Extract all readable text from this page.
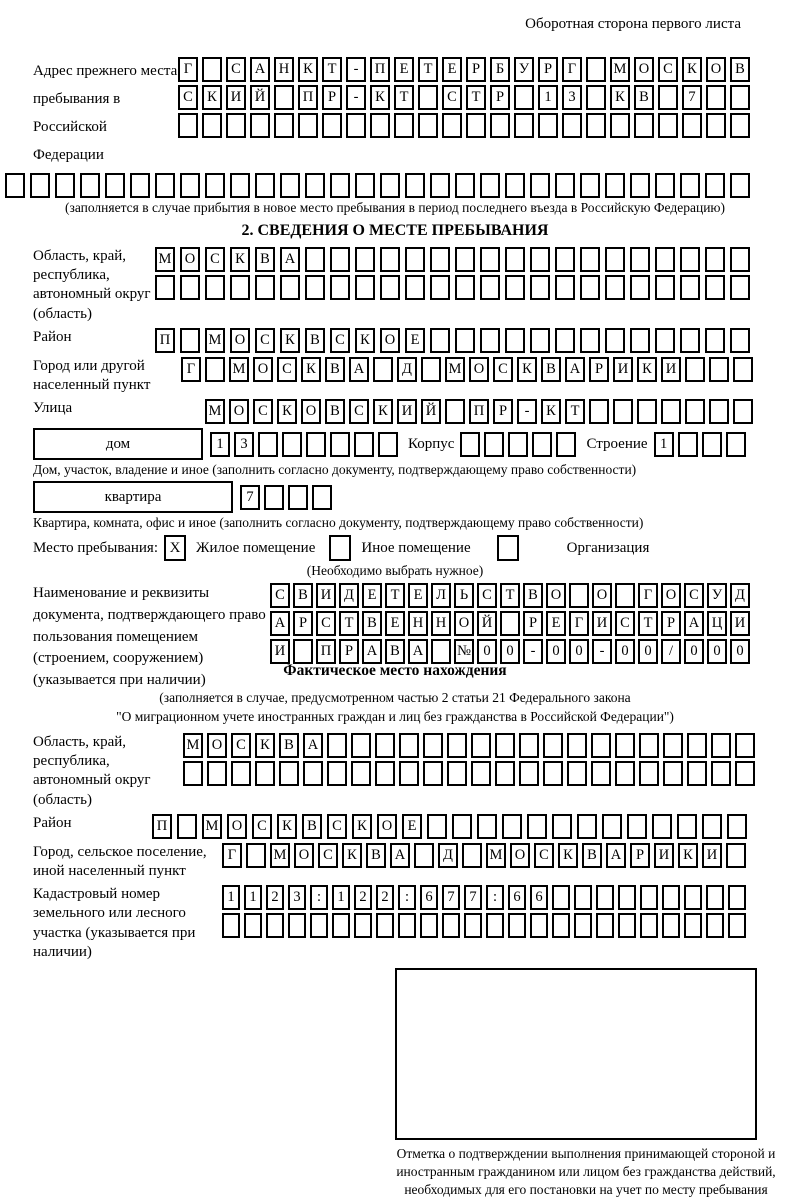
Оборотная сторона первого листа
Адрес прежнего места пребывания в Российской Федерации
Г	С А Н К	Т	-	П Е	Т	Е	Р	Б	У	Р	Г	М О С К О В
С К И Й	П	Р	-	К	Т	С	Т	Р	1	3	К В	7
(заполняется в случае прибытия в новое место пребывания в период последнего въезда в Российскую Федерацию)
2. СВЕДЕНИЯ О МЕСТЕ ПРЕБЫВАНИЯ
Область, край, республика, автономный округ (область)
М О	С	К	В	А
Район	П	М О	С	К	В	С	К	О	Е
Город или другой населенный пункт
Г	М О С К В А	Д	М О С К В А	Р	И К И
Улица	М О С К О В С К И Й	П	Р	-	К	Т
дом	1	3	Корпус	Строение 1
Дом, участок, владение и иное (заполнить согласно документу, подтверждающему право собственности)
квартира	7
Квартира, комната, офис и иное (заполнить согласно документу, подтверждающему право собственности)
Место пребывания: X	Жилое помещение	Иное помещение	Организация
(Необходимо выбрать нужное)
Наименование и реквизиты документа, подтверждающего право пользования помещением (строением, сооружением) (указывается при наличии)
С В И Д Е Т Е Л Ь С Т В О	О	Г О С У Д
А Р С Т В Е Н Н О Й	Р	Е Г И С Т	Р А Ц И
И	П Р А В А	№ 0	0	-	0	0	-	0	0	/	0	0	0
Фактическое место нахождения
(заполняется в случае, предусмотренном частью 2 статьи 21 Федерального закона
"О миграционном учете иностранных граждан и лиц без гражданства в Российской Федерации")
Область, край, республика, автономный округ (область)
М О С К В А
Район	П	М О	С	К	В	С	К	О	Е
Город, сельское поселение, иной населенный пункт
Г	М О С К В А	Д	М О С К В А	Р	И К И
Кадастровый номер земельного или лесного участка (указывается при наличии)
1	1	2	3	:	1	2	2	:	6	7	7	:	6	6
Отметка о подтверждении выполнения принимающей стороной и иностранным гражданином или лицом без гражданства действий, необходимых для его постановки на учет по месту пребывания
